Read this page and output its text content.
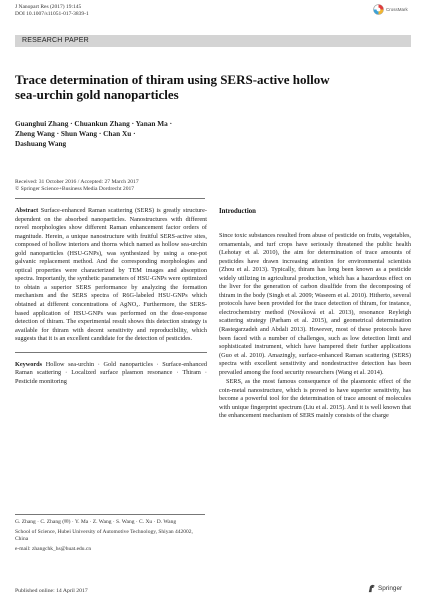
J Nanopart Res (2017) 19:145
DOI 10.1007/s11051-017-3839-1
CrossMark
RESEARCH PAPER
Trace determination of thiram using SERS-active hollow sea-urchin gold nanoparticles
Guanghui Zhang · Chuankun Zhang · Yanan Ma ·
Zheng Wang · Shun Wang · Chan Xu ·
Dashuang Wang
Received: 31 October 2016 / Accepted: 27 March 2017
© Springer Science+Business Media Dordrecht 2017

Abstract Surface-enhanced Raman scattering (SERS) is greatly structure-dependent on the absorbed nanoparticles. Nanostructures with different novel morphologies show different Raman enhancement factor orders of magnitude. Herein, a unique nanostructure with fruitful SERS-active sites, composed of hollow interiors and thorns which named as hollow sea-urchin gold nanoparticles (HSU-GNPs), was synthesized by using a one-pot galvanic replacement method. And the corresponding morphologies and optical properties were characterized by TEM images and absorption spectra. Importantly, the synthetic parameters of HSU-GNPs were optimized to obtain a superior SERS performance by analyzing the formation mechanism and the SERS spectra of R6G-labeled HSU-GNPs which obtained at different concentrations of AgNO₃. Furthermore, the SERS-based application of HSU-GNPs was performed on the dose-response detection of thiram. The experimental result shows this detection strategy is available for thiram with decent sensitivity and reproducibility, which suggests that it is an excellent candidate for the detection of pesticides.

Keywords Hollow sea-urchin · Gold nanoparticles · Surface-enhanced Raman scattering · Localized surface plasmon resonance · Thiram · Pesticide monitoring

G. Zhang · C. Zhang (✉) · Y. Ma · Z. Wang · S. Wang · C. Xu · D. Wang

School of Science, Hubei University of Automotive Technology, Shiyan 442002, China

e-mail: zhangchk_hs@huat.edu.cn

Introduction

Since toxic substances resulted from abuse of pesticide on fruits, vegetables, ornamentals, and turf crops have seriously threatened the public health (Lehotay et al. 2010), the aim for determination of trace amounts of pesticides have drawn increasing attention for environmental scientists (Zhou et al. 2013). Typically, thiram has long been known as a pesticide widely utilizing in agricultural production, which has a hazardous effect on the liver for the generation of carbon disulfide from the decomposing of thiram in the body (Singh et al. 2009; Waseem et al. 2010). Hitherto, several protocols have been provided for the trace detection of thiram, for instance, electrochemistry method (Nováková et al. 2013), resonance Reyleigh scattering strategy (Parham et al. 2015), and geometrical determination (Rastegarzadeh and Abdali 2013). However, most of these protocols have been faced with a number of challenges, such as low detection limit and sophisticated instrument, which have hampered their further applications (Guo et al. 2010). Amazingly, surface-enhanced Raman scattering (SERS) spectra with excellent sensitivity and nondestructive detection has been prevailed among the food security researchers (Wang et al. 2014).

SERS, as the most famous consequence of the plasmonic effect of the coin-metal nanostructure, which is proved to have superior sensitivity, has become a powerful tool for the determination of trace amount of molecules with unique fingerprint spectrum (Liu et al. 2015). And it is well known that the enhancement mechanism of SERS mainly consists of the charge

Published online: 14 April 2017	Springer
